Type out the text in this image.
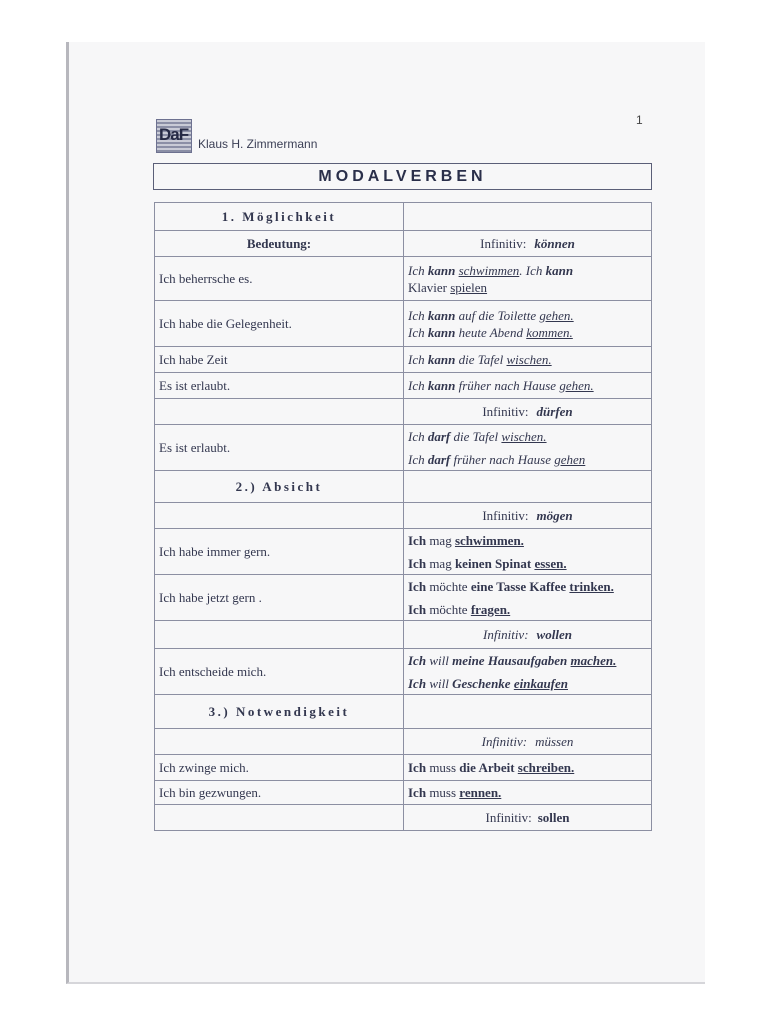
1
DaF Klaus H. Zimmermann
MODALVERBEN
1. Möglichkeit	
Bedeutung:	Infinitiv: können
Ich beherrsche es.	Ich kann schwimmen. Ich kann
Klavier spielen

Ich habe die Gelegenheit.	Ich kann auf die Toilette gehen.
Ich kann heute Abend kommen.

Ich habe Zeit	Ich kann die Tafel wischen.
Es ist erlaubt.	Ich kann früher nach Hause gehen.
	Infinitiv: dürfen
Es ist erlaubt.	Ich darf die Tafel wischen.
Ich darf früher nach Hause gehen

2.) Absicht	
	Infinitiv: mögen
Ich habe immer gern.	Ich mag schwimmen.
Ich mag keinen Spinat essen.

Ich habe jetzt gern .	Ich möchte eine Tasse Kaffee trinken.
Ich möchte fragen.

	Infinitiv: wollen
Ich entscheide mich.	Ich will meine Hausaufgaben machen.
Ich will Geschenke einkaufen

3.) Notwendigkeit	
	Infinitiv: müssen
Ich zwinge mich.	Ich muss die Arbeit schreiben.
Ich bin gezwungen.	Ich muss rennen.
	Infinitiv: sollen
